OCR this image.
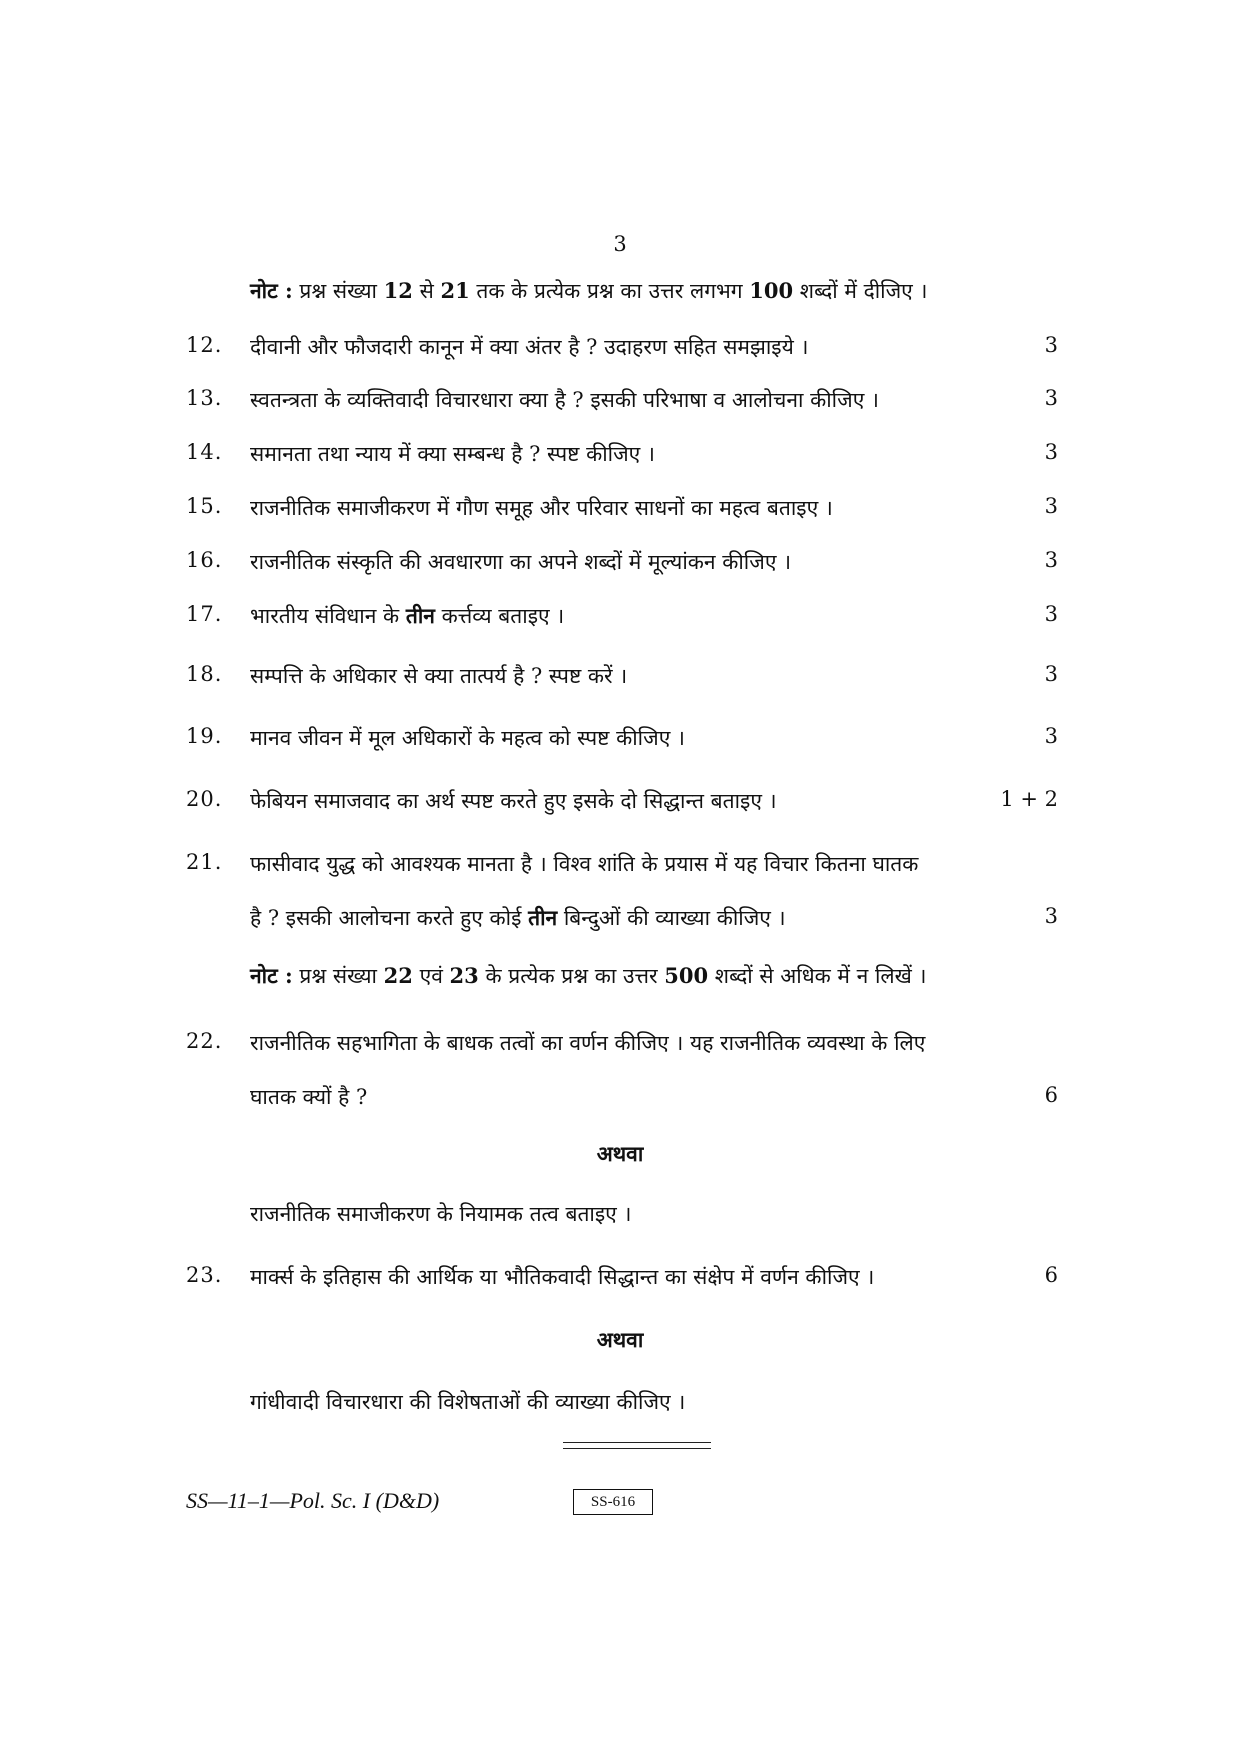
3
नोट : प्रश्न संख्या 12 से 21 तक के प्रत्येक प्रश्न का उत्तर लगभग 100 शब्दों में दीजिए ।
12. दीवानी और फौजदारी कानून में क्या अंतर है ? उदाहरण सहित समझाइये ।	3
13. स्वतन्त्रता के व्यक्तिवादी विचारधारा क्या है ? इसकी परिभाषा व आलोचना कीजिए ।	3
14. समानता तथा न्याय में क्या सम्बन्ध है ? स्पष्ट कीजिए ।	3
15. राजनीतिक समाजीकरण में गौण समूह और परिवार साधनों का महत्व बताइए ।	3
16. राजनीतिक संस्कृति की अवधारणा का अपने शब्दों में मूल्यांकन कीजिए ।	3
17. भारतीय संविधान के तीन कर्त्तव्य बताइए ।	3
18. सम्पत्ति के अधिकार से क्या तात्पर्य है ? स्पष्ट करें ।	3
19. मानव जीवन में मूल अधिकारों के महत्व को स्पष्ट कीजिए ।	3
20. फेबियन समाजवाद का अर्थ स्पष्ट करते हुए इसके दो सिद्धान्त बताइए ।	1 + 2
21. फासीवाद युद्ध को आवश्यक मानता है । विश्व शांति के प्रयास में यह विचार कितना घातक
है ? इसकी आलोचना करते हुए कोई तीन बिन्दुओं की व्याख्या कीजिए ।	3
नोट : प्रश्न संख्या 22 एवं 23 के प्रत्येक प्रश्न का उत्तर 500 शब्दों से अधिक में न लिखें ।
22. राजनीतिक सहभागिता के बाधक तत्वों का वर्णन कीजिए । यह राजनीतिक व्यवस्था के लिए
घातक क्यों है ?	6
अथवा
राजनीतिक समाजीकरण के नियामक तत्व बताइए ।
23. मार्क्स के इतिहास की आर्थिक या भौतिकवादी सिद्धान्त का संक्षेप में वर्णन कीजिए ।	6
अथवा
गांधीवादी विचारधारा की विशेषताओं की व्याख्या कीजिए ।
SS—11–1—Pol. Sc. I (D&D)	SS-616
